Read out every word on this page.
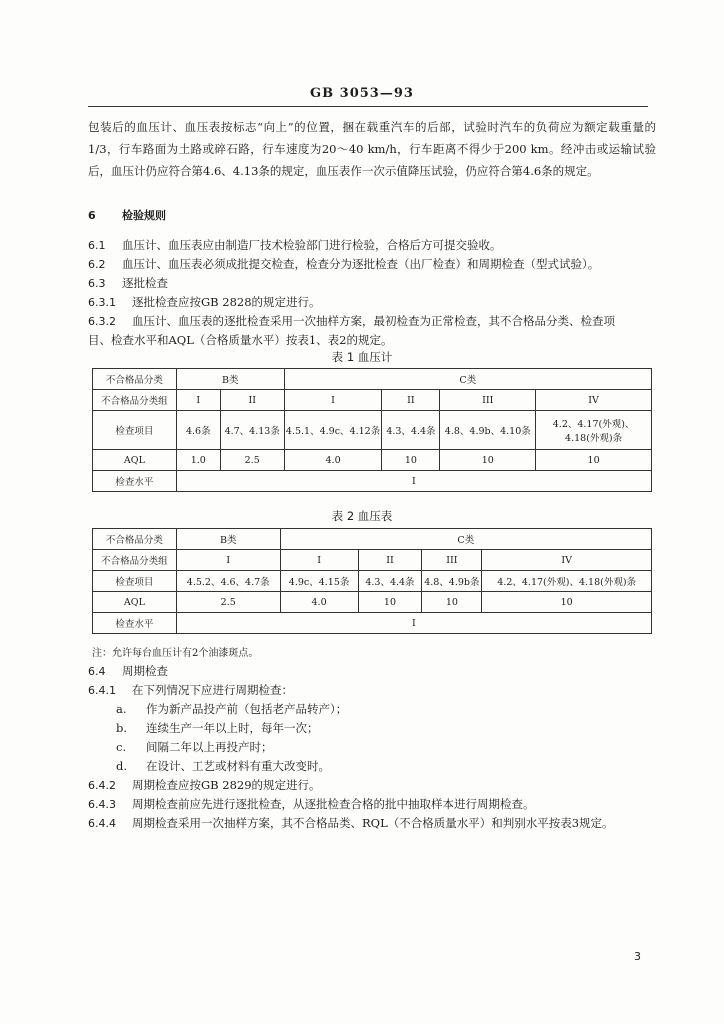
GB 3053—93
包装后的血压计、血压表按标志“向上”的位置，捆在载重汽车的后部，试验时汽车的负荷应为额定载重量的1/3，行车路面为土路或碎石路，行车速度为20～40 km/h，行车距离不得少于200 km。经冲击或运输试验后，血压计仍应符合第4.6、4.13条的规定，血压表作一次示值降压试验，仍应符合第4.6条的规定。
6 检验规则
6.1 血压计、血压表应由制造厂技术检验部门进行检验，合格后方可提交验收。
6.2 血压计、血压表必须成批提交检查，检查分为逐批检查（出厂检查）和周期检查（型式试验）。
6.3 逐批检查
6.3.1 逐批检查应按GB 2828的规定进行。
6.3.2 血压计、血压表的逐批检查采用一次抽样方案，最初检查为正常检查，其不合格品分类、检查项
目、检查水平和AQL（合格质量水平）按表1、表2的规定。
表 1 血压计
不合格品分类	B类		C类			
不合格品分类组	I	II	I	II	III	IV
检查项目	4.6条	4.7、4.13条	4.5.1、4.9c、4.12条	4.3、4.4条	4.8、4.9b、4.10条	4.2、4.17(外观)、
4.18(外观)条

AQL	1.0	2.5	4.0	10	10	10
检查水平	I					
表 2 血压表
不合格品分类	B类	C类			
不合格品分类组	I	I	II	III	IV
检查项目	4.5.2、4.6、4.7条	4.9c、4.15条	4.3、4.4条	4.8、4.9b条	4.2、4.17(外观)、4.18(外观)条
AQL	2.5	4.0	10	10	10
检查水平	I				
注：允许每台血压计有2个油漆斑点。
6.4 周期检查
6.4.1 在下列情况下应进行周期检查：
a. 作为新产品投产前（包括老产品转产）；
b. 连续生产一年以上时，每年一次；
c. 间隔二年以上再投产时；
d. 在设计、工艺或材料有重大改变时。
6.4.2 周期检查应按GB 2829的规定进行。
6.4.3 周期检查前应先进行逐批检查，从逐批检查合格的批中抽取样本进行周期检查。
6.4.4 周期检查采用一次抽样方案，其不合格品类、RQL（不合格质量水平）和判别水平按表3规定。
3
